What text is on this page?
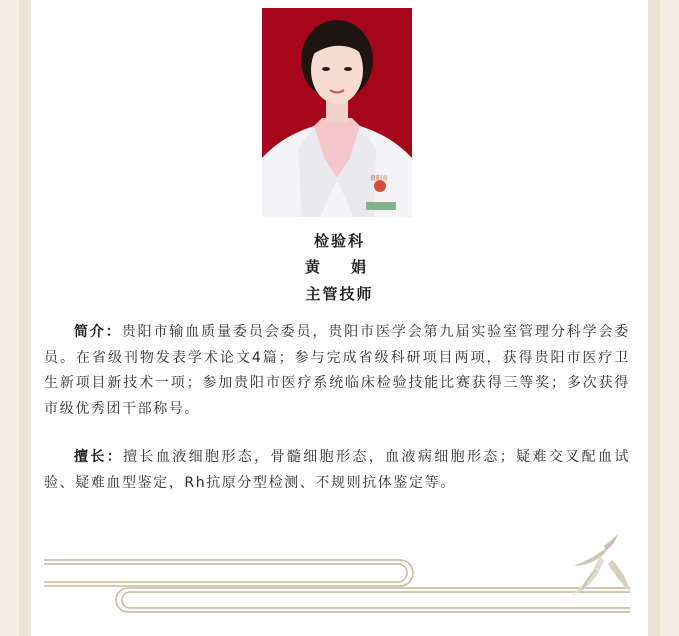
贵阳市
检验科
黄　娟
主管技师

简介：贵阳市输血质量委员会委员，贵阳市医学会第九届实验室管理分科学会委员。在省级刊物发表学术论文4篇；参与完成省级科研项目两项，获得贵阳市医疗卫生新项目新技术一项；参加贵阳市医疗系统临床检验技能比赛获得三等奖；多次获得市级优秀团干部称号。

擅长：擅长血液细胞形态，骨髓细胞形态，血液病细胞形态；疑难交叉配血试验、疑难血型鉴定，Rh抗原分型检测、不规则抗体鉴定等。
